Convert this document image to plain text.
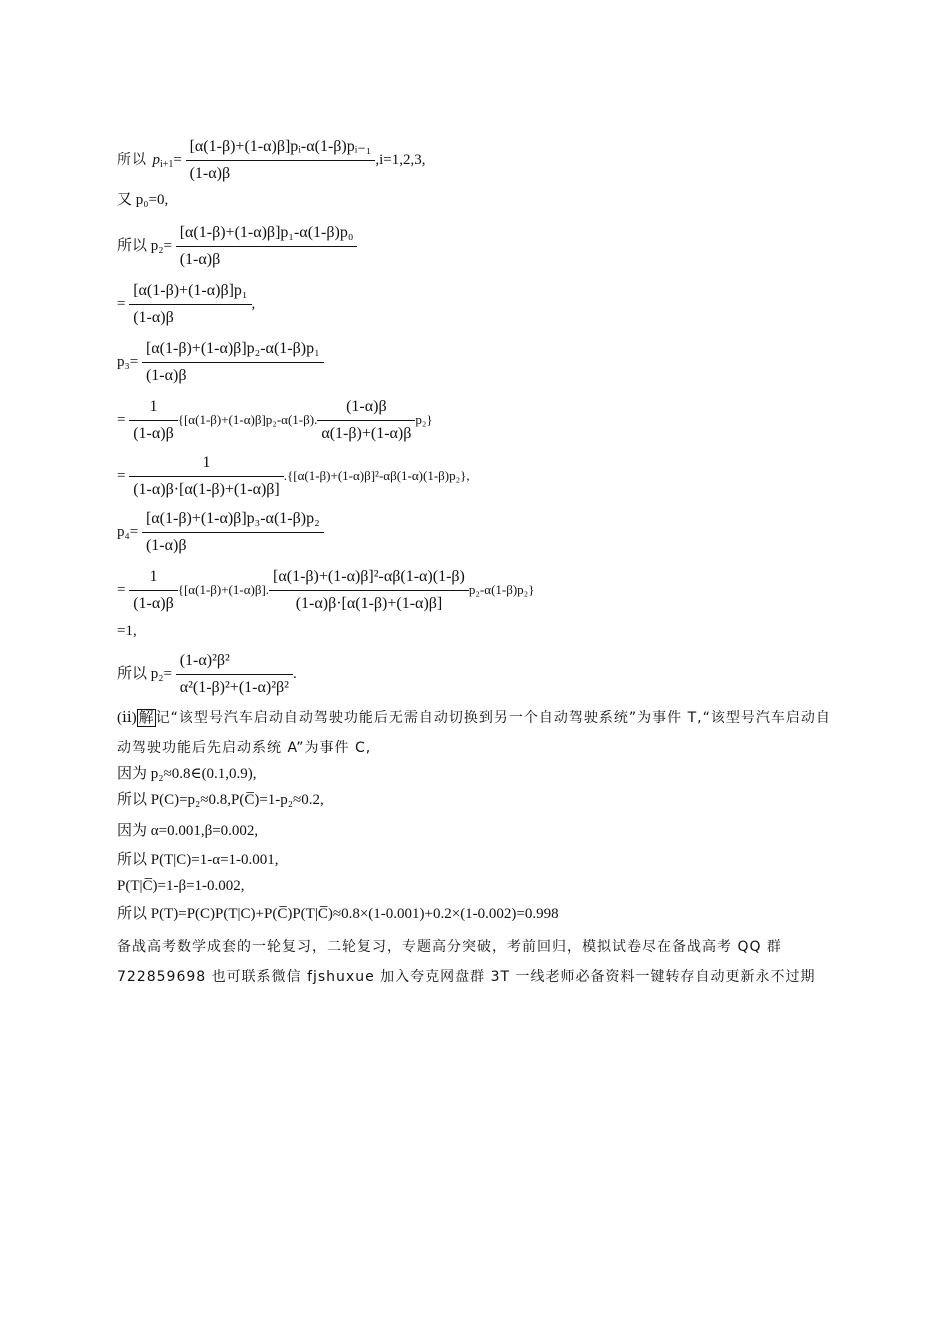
所以 $p_{i+1}= \frac{\text{[α(1-β)+(1-α)β]pᵢ-α(1-β)pᵢ₋₁}}{(1-\alpha)\beta} ,i=1,2,3$,
又 p₀=0,
所以 $p_2= \frac{\text{[α(1-β)+(1-α)β]p₁-α(1-β)p₀}}{(1-\alpha)\beta}$
= $\frac{\text{[α(1-β)+(1-α)β]p₁}}{(1-\alpha)\beta}$ ,
$p_3= \frac{\text{[α(1-β)+(1-α)β]p₂-α(1-β)p₁}}{(1-\alpha)\beta}$
= $\frac{1}{(1-\alpha)\beta} \{[\alpha(1-\beta)+(1-\alpha)\beta]p_2-\alpha(1-\beta)$. $\frac{(1-\alpha)\beta}{\alpha(1-\beta)+(1-\alpha)\beta} p_2$}
= $\frac{1}{(1-\alpha)\beta\cdot[\alpha(1-\beta)+(1-\alpha)\beta]} .\{[\alpha(1-\beta)+(1-\alpha)\beta]^2-\alpha\beta(1-\alpha)(1-\beta)p_2\}$,
$p_4= \frac{\text{[α(1-β)+(1-α)β]p₃-α(1-β)p₂}}{(1-\alpha)\beta}$
= $\frac{1}{(1-\alpha)\beta} \{[\alpha(1-\beta)+(1-\alpha)\beta]$. $\frac{\text{[α(1-β)+(1-α)β]²-αβ(1-α)(1-β)}}{(1-\alpha)\beta\cdot[\alpha(1-\beta)+(1-\alpha)\beta]} p_2-\alpha(1-\beta)p_2$}
=1,
所以 $p_2= \frac{\text{(1-α)²β²}}{\text{α²(1-β)²+(1-α)²β²}}$ .
(ⅱ) 解 记“该型号汽车启动自动驾驶功能后无需自动切换到另一个自动驾驶系统”为事件 T,“该型号汽车启动自动驾驶功能后先启动系统 A”为事件 C,
因为 p₂≈0.8∈(0.1,0.9),
所以 P(C)=p₂≈0.8,P(C̅)=1-p₂≈0.2,
因为 α=0.001,β=0.002,
所以 P(T|C)=1-α=1-0.001,
P(T|C̅)=1-β=1-0.002,
所以 P(T)=P(C)P(T|C)+P(C̅)P(T|C̅)≈0.8×(1-0.001)+0.2×(1-0.002)=0.998
备战高考数学成套的一轮复习，二轮复习，专题高分突破，考前回归，模拟试卷尽在备战高考 QQ 群 722859698 也可联系微信 fjshuxue 加入夸克网盘群 3T 一线老师必备资料一键转存自动更新永不过期
